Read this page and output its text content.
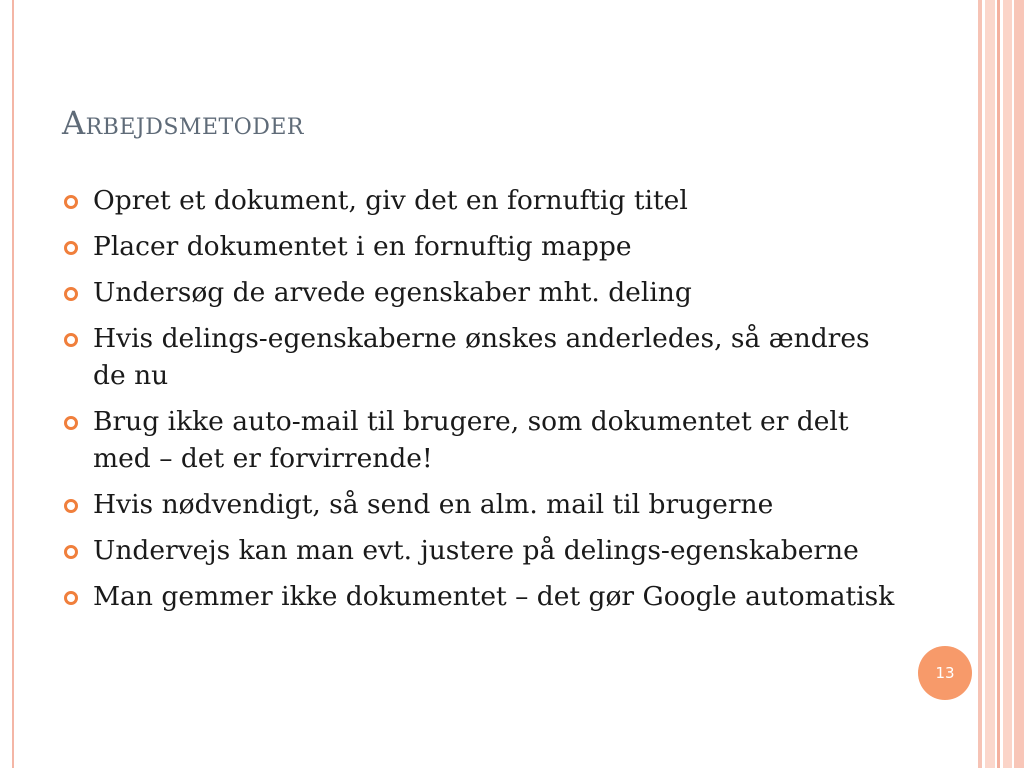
Arbejdsmetoder
Opret et dokument, giv det en fornuftig titel
Placer dokumentet i en fornuftig mappe
Undersøg de arvede egenskaber mht. deling
Hvis delings-egenskaberne ønskes anderledes, så ændres de nu
Brug ikke auto-mail til brugere, som dokumentet er delt med – det er forvirrende!
Hvis nødvendigt, så send en alm. mail til brugerne
Undervejs kan man evt. justere på delings-egenskaberne
Man gemmer ikke dokumentet – det gør Google automatisk
13
